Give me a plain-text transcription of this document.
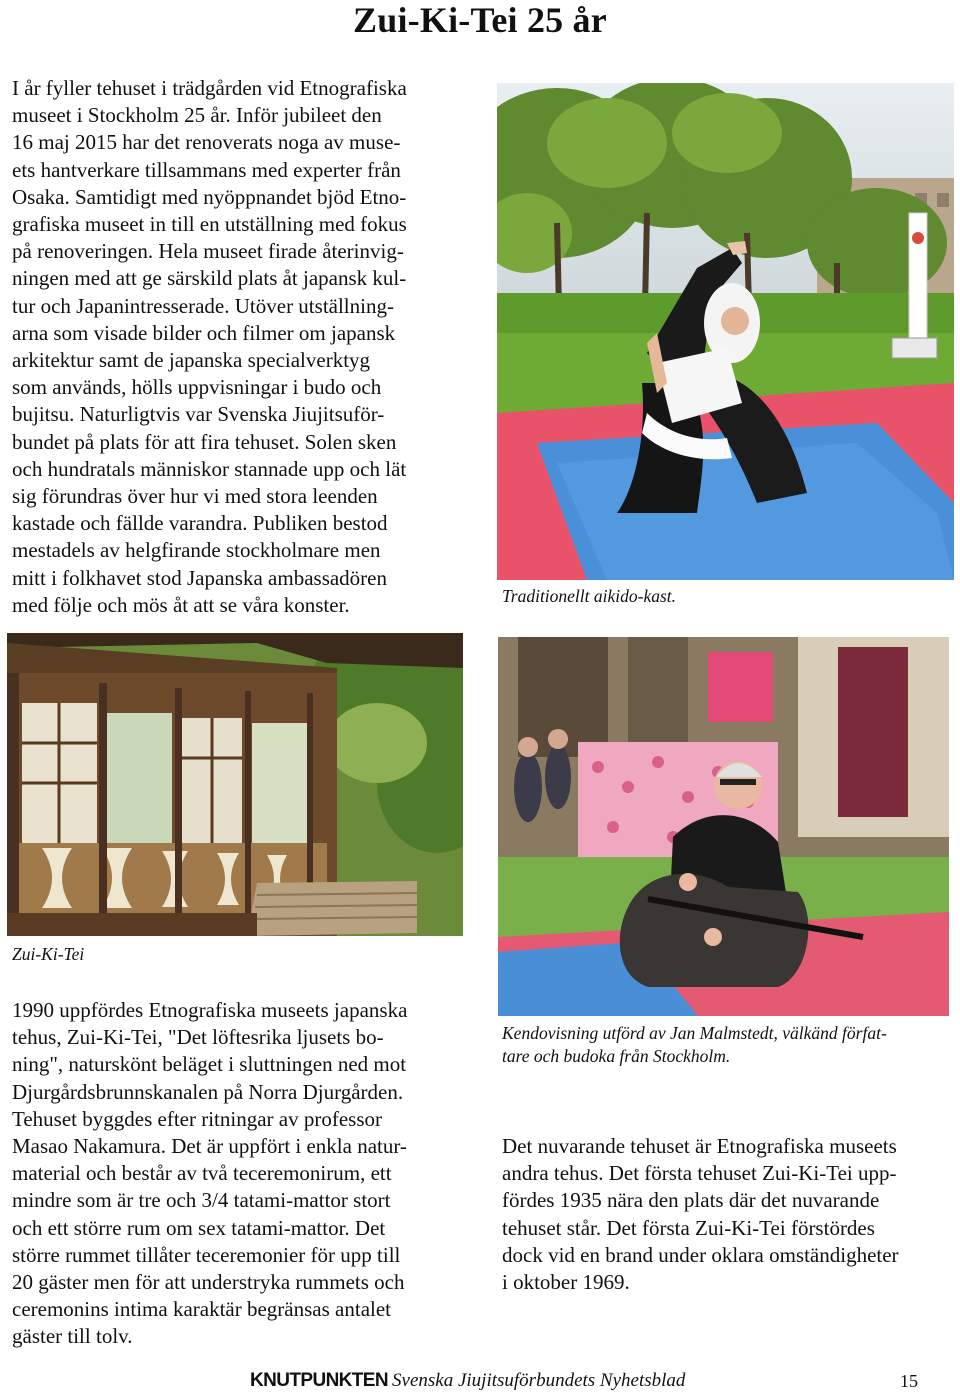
Zui-Ki-Tei 25 år
I år fyller tehuset i trädgården vid Etnografiska
museet i Stockholm 25 år. Inför jubileet den
16 maj 2015 har det renoverats noga av muse-
ets hantverkare tillsammans med experter från
Osaka. Samtidigt med nyöppnandet bjöd Etno-
grafiska museet in till en utställning med fokus
på renoveringen. Hela museet firade återinvig-
ningen med att ge särskild plats åt japansk kul-
tur och Japanintresserade. Utöver utställning-
arna som visade bilder och filmer om japansk
arkitektur samt de japanska specialverktyg
som används, hölls uppvisningar i budo och
bujitsu. Naturligtvis var Svenska Jiujitsuför-
bundet på plats för att fira tehuset. Solen sken
och hundratals människor stannade upp och lät
sig förundras över hur vi med stora leenden
kastade och fällde varandra. Publiken bestod
mestadels av helgfirande stockholmare men
mitt i folkhavet stod Japanska ambassadören
med följe och mös åt att se våra konster.	Traditionellt aikido-kast.
Zui-Ki-Tei
Kendovisning utförd av Jan Malmstedt, välkänd förfat-
tare och budoka från Stockholm.
1990 uppfördes Etnografiska museets japanska
tehus, Zui-Ki-Tei, "Det löftesrika ljusets bo-
ning", naturskönt beläget i sluttningen ned mot
Djurgårdsbrunnskanalen på Norra Djurgården.
Tehuset byggdes efter ritningar av professor
Masao Nakamura. Det är uppfört i enkla natur-
material och består av två teceremonirum, ett
mindre som är tre och 3/4 tatami-mattor stort
och ett större rum om sex tatami-mattor. Det
större rummet tillåter teceremonier för upp till
20 gäster men för att understryka rummets och
ceremonins intima karaktär begränsas antalet
gäster till tolv.
Det nuvarande tehuset är Etnografiska museets
andra tehus. Det första tehuset Zui-Ki-Tei upp-
fördes 1935 nära den plats där det nuvarande
tehuset står. Det första Zui-Ki-Tei förstördes
dock vid en brand under oklara omständigheter
i oktober 1969.
KNUTPUNKTEN Svenska Jiujitsuförbundets Nyhetsblad	15
